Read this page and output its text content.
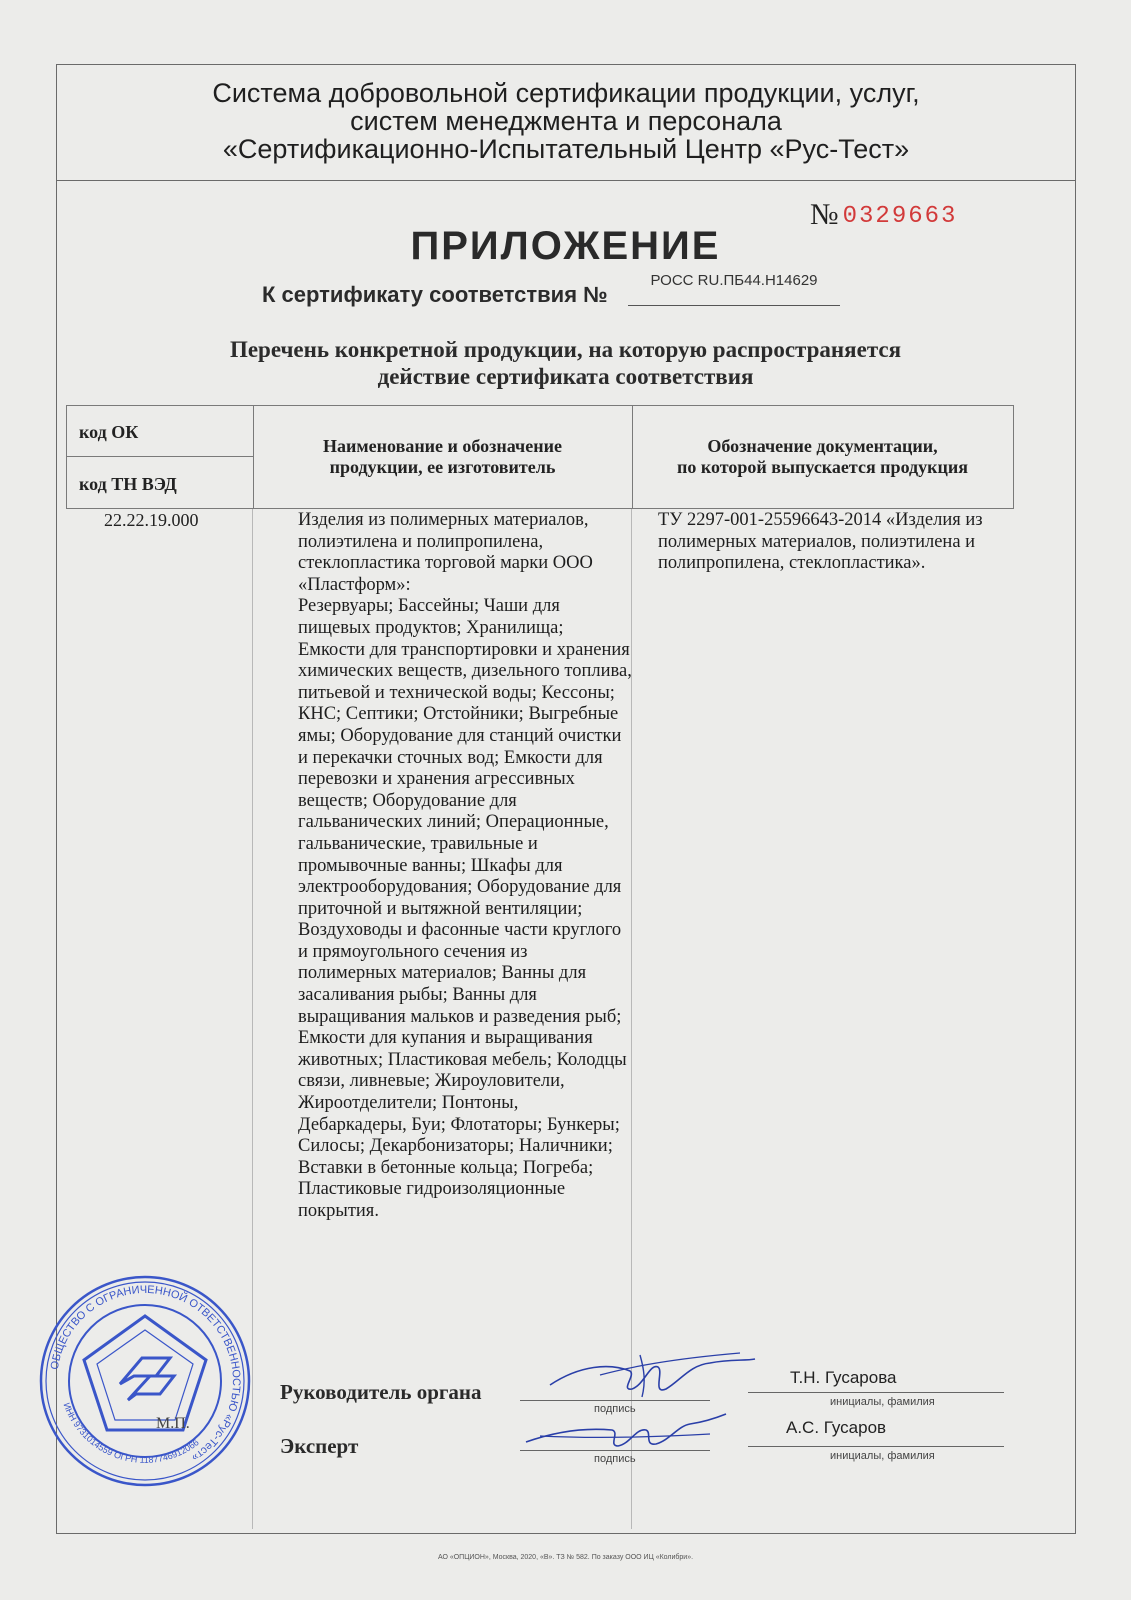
Система добровольной сертификации продукции, услуг,
систем менеджмента и персонала
«Сертификационно-Испытательный Центр «Рус-Тест»
№ 0329663
ПРИЛОЖЕНИЕ
К сертификату соответствия №
РОСС RU.ПБ44.Н14629
Перечень конкретной продукции, на которую распространяется
действие сертификата соответствия
код ОК
код ТН ВЭД
Наименование и обозначение
продукции, ее изготовитель
Обозначение документации,
по которой выпускается продукция
22.22.19.000	Изделия из полимерных материалов,
полиэтилена и полипропилена,
стеклопластика торговой марки ООО
«Пластформ»:
Резервуары; Бассейны; Чаши для
пищевых продуктов; Хранилища;
Емкости для транспортировки и хранения
химических веществ, дизельного топлива,
питьевой и технической воды; Кессоны;
КНС; Септики; Отстойники; Выгребные
ямы; Оборудование для станций очистки
и перекачки сточных вод; Емкости для
перевозки и хранения агрессивных
веществ; Оборудование для
гальванических линий; Операционные,
гальванические, травильные и
промывочные ванны; Шкафы для
электрооборудования; Оборудование для
приточной и вытяжной вентиляции;
Воздуховоды и фасонные части круглого
и прямоугольного сечения из
полимерных материалов; Ванны для
засаливания рыбы; Ванны для
выращивания мальков и разведения рыб;
Емкости для купания и выращивания
животных; Пластиковая мебель; Колодцы
связи, ливневые; Жироуловители,
Жироотделители; Понтоны,
Дебаркадеры, Буи; Флотаторы; Бункеры;
Силосы; Декарбонизаторы; Наличники;
Вставки в бетонные кольца; Погреба;
Пластиковые гидроизоляционные
покрытия.
ТУ 2297-001-25596643-2014 «Изделия из
полимерных материалов, полиэтилена и
полипропилена, стеклопластика».
ОБЩЕСТВО С ОГРАНИЧЕННОЙ ОТВЕТСТВЕННОСТЬЮ «Рус-Тест»
ИНН 9731014559 ОГРН 1187746912066
М.П.
Руководитель органа
подпись
Т.Н. Гусарова
инициалы, фамилия
Эксперт
подпись
А.С. Гусаров
инициалы, фамилия
АО «ОПЦИОН», Москва, 2020, «В». ТЗ № 582. По заказу ООО ИЦ «Колибри».
